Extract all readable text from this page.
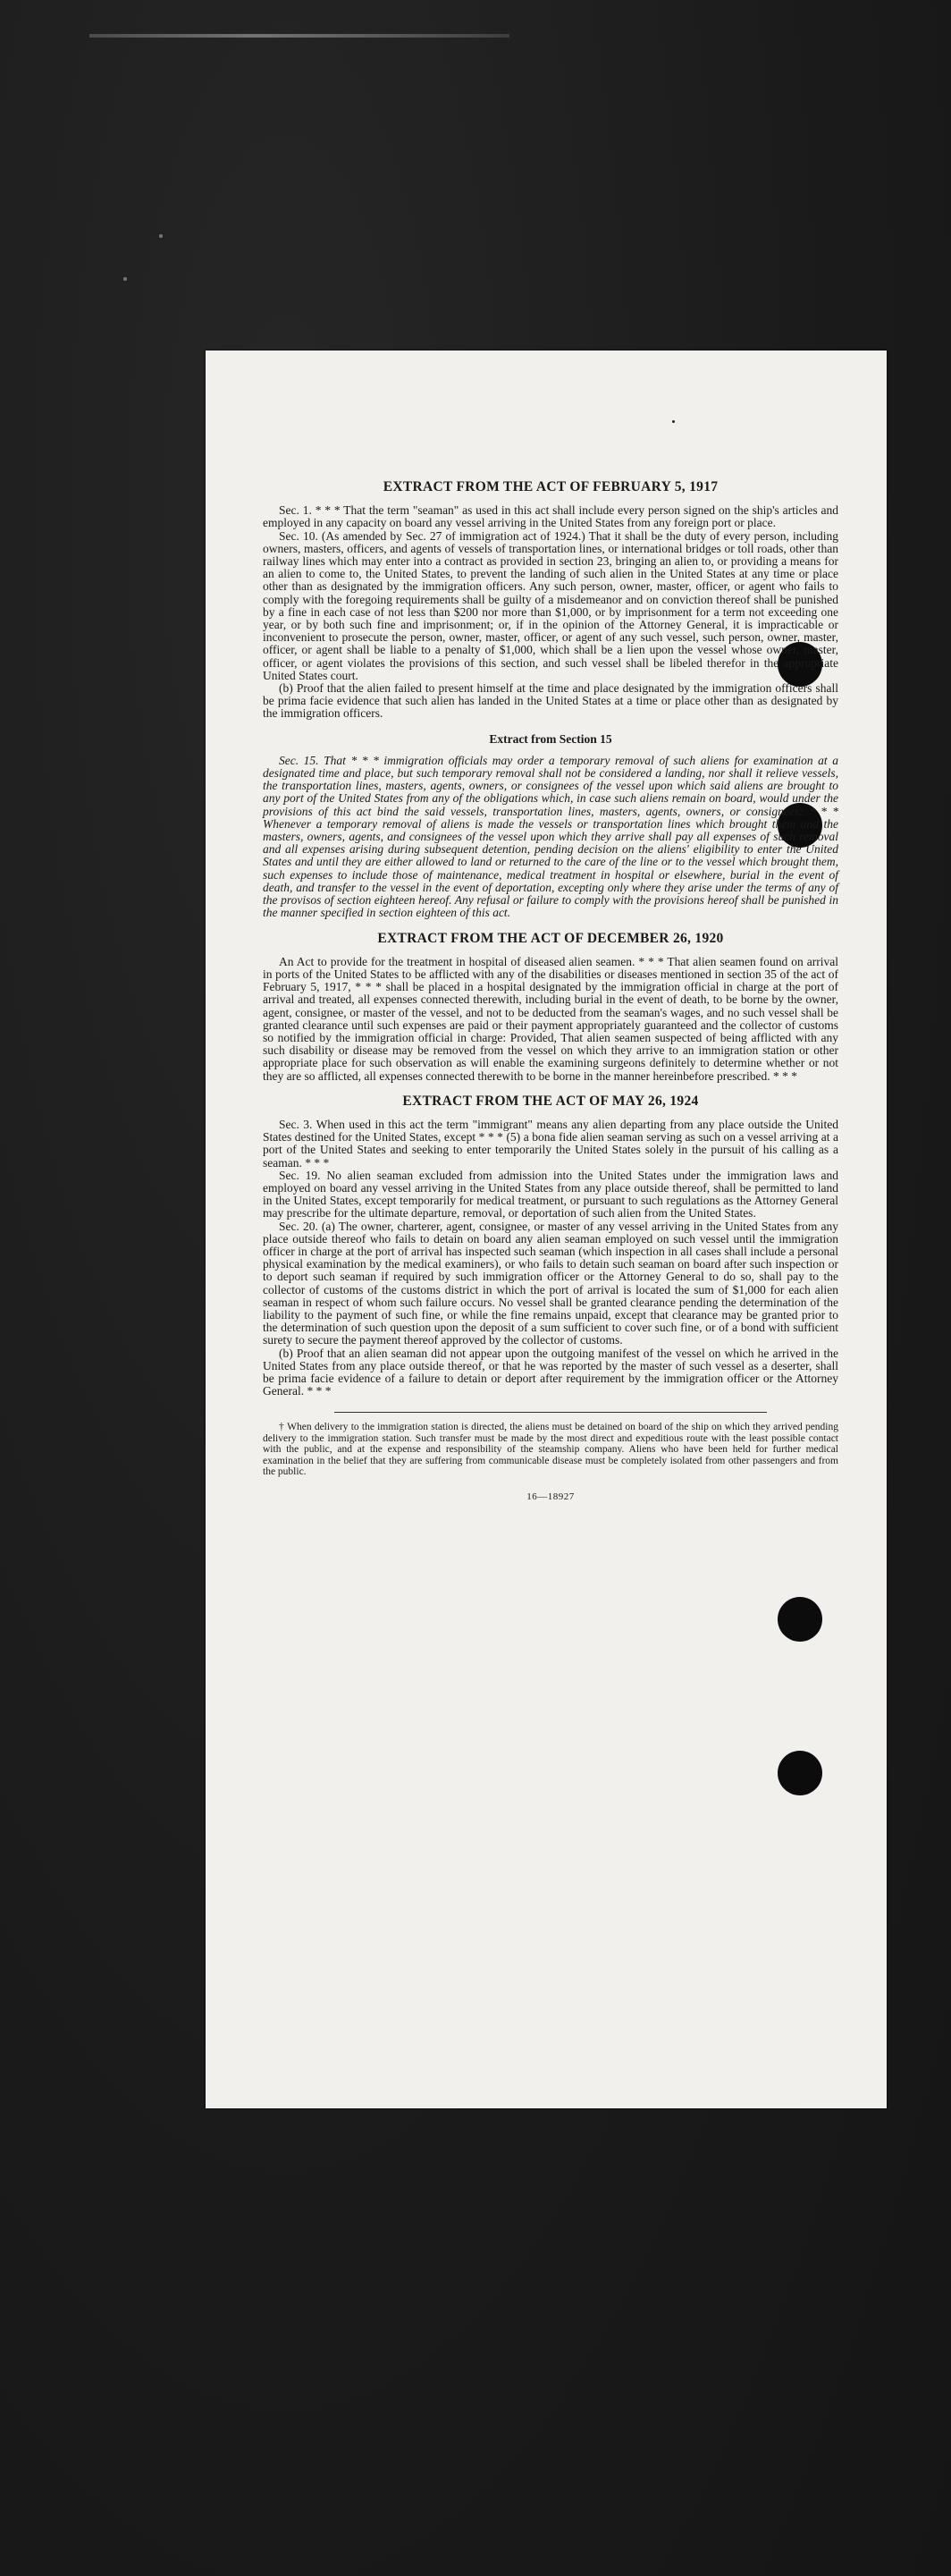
EXTRACT FROM THE ACT OF FEBRUARY 5, 1917

Sec. 1. * * * That the term "seaman" as used in this act shall include every person signed on the ship's articles and employed in any capacity on board any vessel arriving in the United States from any foreign port or place.

Sec. 10. (As amended by Sec. 27 of immigration act of 1924.) That it shall be the duty of every person, including owners, masters, officers, and agents of vessels of transportation lines, or international bridges or toll roads, other than railway lines which may enter into a contract as provided in section 23, bringing an alien to, or providing a means for an alien to come to, the United States, to prevent the landing of such alien in the United States at any time or place other than as designated by the immigration officers. Any such person, owner, master, officer, or agent who fails to comply with the foregoing requirements shall be guilty of a misdemeanor and on conviction thereof shall be punished by a fine in each case of not less than $200 nor more than $1,000, or by imprisonment for a term not exceeding one year, or by both such fine and imprisonment; or, if in the opinion of the Attorney General, it is impracticable or inconvenient to prosecute the person, owner, master, officer, or agent of any such vessel, such person, owner, master, officer, or agent shall be liable to a penalty of $1,000, which shall be a lien upon the vessel whose owner, master, officer, or agent violates the provisions of this section, and such vessel shall be libeled therefor in the appropriate United States court.

(b) Proof that the alien failed to present himself at the time and place designated by the immigration officers shall be prima facie evidence that such alien has landed in the United States at a time or place other than as designated by the immigration officers.

Extract from Section 15

Sec. 15. That * * * immigration officials may order a temporary removal of such aliens for examination at a designated time and place, but such temporary removal shall not be considered a landing, nor shall it relieve vessels, the transportation lines, masters, agents, owners, or consignees of the vessel upon which said aliens are brought to any port of the United States from any of the obligations which, in case such aliens remain on board, would under the provisions of this act bind the said vessels, transportation lines, masters, agents, owners, or consignees: * * * Whenever a temporary removal of aliens is made the vessels or transportation lines which brought them and the masters, owners, agents, and consignees of the vessel upon which they arrive shall pay all expenses of such removal and all expenses arising during subsequent detention, pending decision on the aliens' eligibility to enter the United States and until they are either allowed to land or returned to the care of the line or to the vessel which brought them, such expenses to include those of maintenance, medical treatment in hospital or elsewhere, burial in the event of death, and transfer to the vessel in the event of deportation, excepting only where they arise under the terms of any of the provisos of section eighteen hereof. Any refusal or failure to comply with the provisions hereof shall be punished in the manner specified in section eighteen of this act.

EXTRACT FROM THE ACT OF DECEMBER 26, 1920

An Act to provide for the treatment in hospital of diseased alien seamen. * * * That alien seamen found on arrival in ports of the United States to be afflicted with any of the disabilities or diseases mentioned in section 35 of the act of February 5, 1917, * * * shall be placed in a hospital designated by the immigration official in charge at the port of arrival and treated, all expenses connected therewith, including burial in the event of death, to be borne by the owner, agent, consignee, or master of the vessel, and not to be deducted from the seaman's wages, and no such vessel shall be granted clearance until such expenses are paid or their payment appropriately guaranteed and the collector of customs so notified by the immigration official in charge: Provided, That alien seamen suspected of being afflicted with any such disability or disease may be removed from the vessel on which they arrive to an immigration station or other appropriate place for such observation as will enable the examining surgeons definitely to determine whether or not they are so afflicted, all expenses connected therewith to be borne in the manner hereinbefore prescribed. * * *

EXTRACT FROM THE ACT OF MAY 26, 1924

Sec. 3. When used in this act the term "immigrant" means any alien departing from any place outside the United States destined for the United States, except * * * (5) a bona fide alien seaman serving as such on a vessel arriving at a port of the United States and seeking to enter temporarily the United States solely in the pursuit of his calling as a seaman. * * *

Sec. 19. No alien seaman excluded from admission into the United States under the immigration laws and employed on board any vessel arriving in the United States from any place outside thereof, shall be permitted to land in the United States, except temporarily for medical treatment, or pursuant to such regulations as the Attorney General may prescribe for the ultimate departure, removal, or deportation of such alien from the United States.

Sec. 20. (a) The owner, charterer, agent, consignee, or master of any vessel arriving in the United States from any place outside thereof who fails to detain on board any alien seaman employed on such vessel until the immigration officer in charge at the port of arrival has inspected such seaman (which inspection in all cases shall include a personal physical examination by the medical examiners), or who fails to detain such seaman on board after such inspection or to deport such seaman if required by such immigration officer or the Attorney General to do so, shall pay to the collector of customs of the customs district in which the port of arrival is located the sum of $1,000 for each alien seaman in respect of whom such failure occurs. No vessel shall be granted clearance pending the determination of the liability to the payment of such fine, or while the fine remains unpaid, except that clearance may be granted prior to the determination of such question upon the deposit of a sum sufficient to cover such fine, or of a bond with sufficient surety to secure the payment thereof approved by the collector of customs.

(b) Proof that an alien seaman did not appear upon the outgoing manifest of the vessel on which he arrived in the United States from any place outside thereof, or that he was reported by the master of such vessel as a deserter, shall be prima facie evidence of a failure to detain or deport after requirement by the immigration officer or the Attorney General. * * *

† When delivery to the immigration station is directed, the aliens must be detained on board of the ship on which they arrived pending delivery to the immigration station. Such transfer must be made by the most direct and expeditious route with the least possible contact with the public, and at the expense and responsibility of the steamship company. Aliens who have been held for further medical examination in the belief that they are suffering from communicable disease must be completely isolated from other passengers and from the public.

16—18927
